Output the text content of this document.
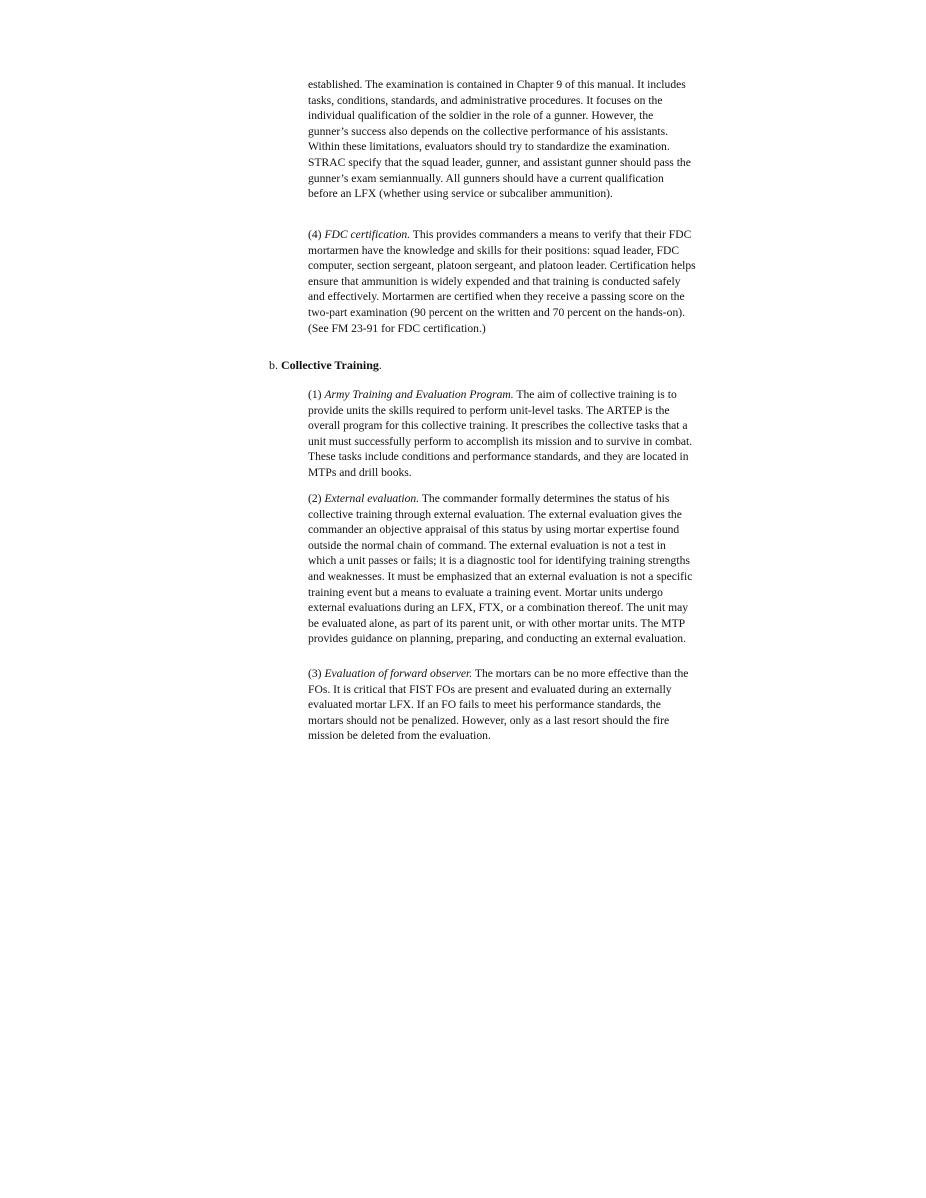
established. The examination is contained in Chapter 9 of this manual. It includes tasks, conditions, standards, and administrative procedures. It focuses on the individual qualification of the soldier in the role of a gunner. However, the gunner’s success also depends on the collective performance of his assistants. Within these limitations, evaluators should try to standardize the examination. STRAC specify that the squad leader, gunner, and assistant gunner should pass the gunner’s exam semiannually. All gunners should have a current qualification before an LFX (whether using service or subcaliber ammunition).

(4) FDC certification. This provides commanders a means to verify that their FDC mortarmen have the knowledge and skills for their positions: squad leader, FDC computer, section sergeant, platoon sergeant, and platoon leader. Certification helps ensure that ammunition is widely expended and that training is conducted safely and effectively. Mortarmen are certified when they receive a passing score on the two-part examination (90 percent on the written and 70 percent on the hands-on). (See FM 23-91 for FDC certification.)

b. Collective Training.

(1) Army Training and Evaluation Program. The aim of collective training is to provide units the skills required to perform unit-level tasks. The ARTEP is the overall program for this collective training. It prescribes the collective tasks that a unit must successfully perform to accomplish its mission and to survive in combat. These tasks include conditions and performance standards, and they are located in MTPs and drill books.

(2) External evaluation. The commander formally determines the status of his collective training through external evaluation. The external evaluation gives the commander an objective appraisal of this status by using mortar expertise found outside the normal chain of command. The external evaluation is not a test in which a unit passes or fails; it is a diagnostic tool for identifying training strengths and weaknesses. It must be emphasized that an external evaluation is not a specific training event but a means to evaluate a training event. Mortar units undergo external evaluations during an LFX, FTX, or a combination thereof. The unit may be evaluated alone, as part of its parent unit, or with other mortar units. The MTP provides guidance on planning, preparing, and conducting an external evaluation.

(3) Evaluation of forward observer. The mortars can be no more effective than the FOs. It is critical that FIST FOs are present and evaluated during an externally evaluated mortar LFX. If an FO fails to meet his performance standards, the mortars should not be penalized. However, only as a last resort should the fire mission be deleted from the evaluation.
